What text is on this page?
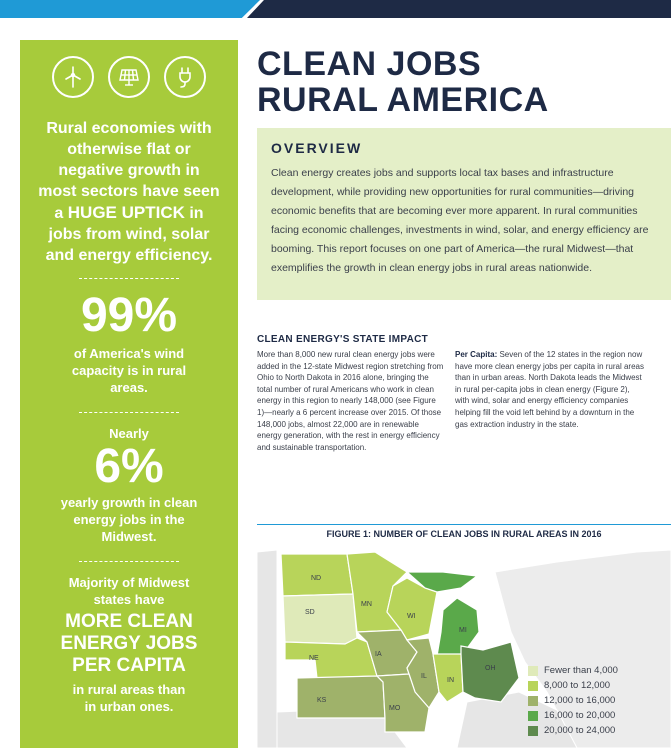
Rural economies with otherwise flat or negative growth in most sectors have seen a HUGE UPTICK in jobs from wind, solar and energy efficiency.
99%
of America's wind capacity is in rural areas.
Nearly
6%
yearly growth in clean energy jobs in the Midwest.
Majority of Midwest states have
MORE CLEAN ENERGY JOBS PER CAPITA
in rural areas than in urban ones.
CLEAN JOBS
RURAL AMERICA
OVERVIEW
Clean energy creates jobs and supports local tax bases and infrastructure development, while providing new opportunities for rural communities—driving economic benefits that are becoming ever more apparent. In rural communities facing economic challenges, investments in wind, solar, and energy efficiency are booming. This report focuses on one part of America—the rural Midwest—that exemplifies the growth in clean energy jobs in rural areas nationwide.
CLEAN ENERGY'S STATE IMPACT
More than 8,000 new rural clean energy jobs were added in the 12-state Midwest region stretching from Ohio to North Dakota in 2016 alone, bringing the total number of rural Americans who work in clean energy in this region to nearly 148,000 (see Figure 1)—nearly a 6 percent increase over 2015. Of those 148,000 jobs, almost 22,000 are in renewable energy generation, with the rest in energy efficiency and sustainable transportation.
Per Capita: Seven of the 12 states in the region now have more clean energy jobs per capita in rural areas than in urban areas. North Dakota leads the Midwest in rural per-capita jobs in clean energy (Figure 2), with wind, solar and energy efficiency companies helping fill the void left behind by a downturn in the gas extraction industry in the state.
FIGURE 1: NUMBER OF CLEAN JOBS IN RURAL AREAS IN 2016
ND
SD
MN
WI
MI
NE
IA
IL
IN
OH
KS
MO
Fewer than 4,000
8,000 to 12,000
12,000 to 16,000
16,000 to 20,000
20,000 to 24,000
